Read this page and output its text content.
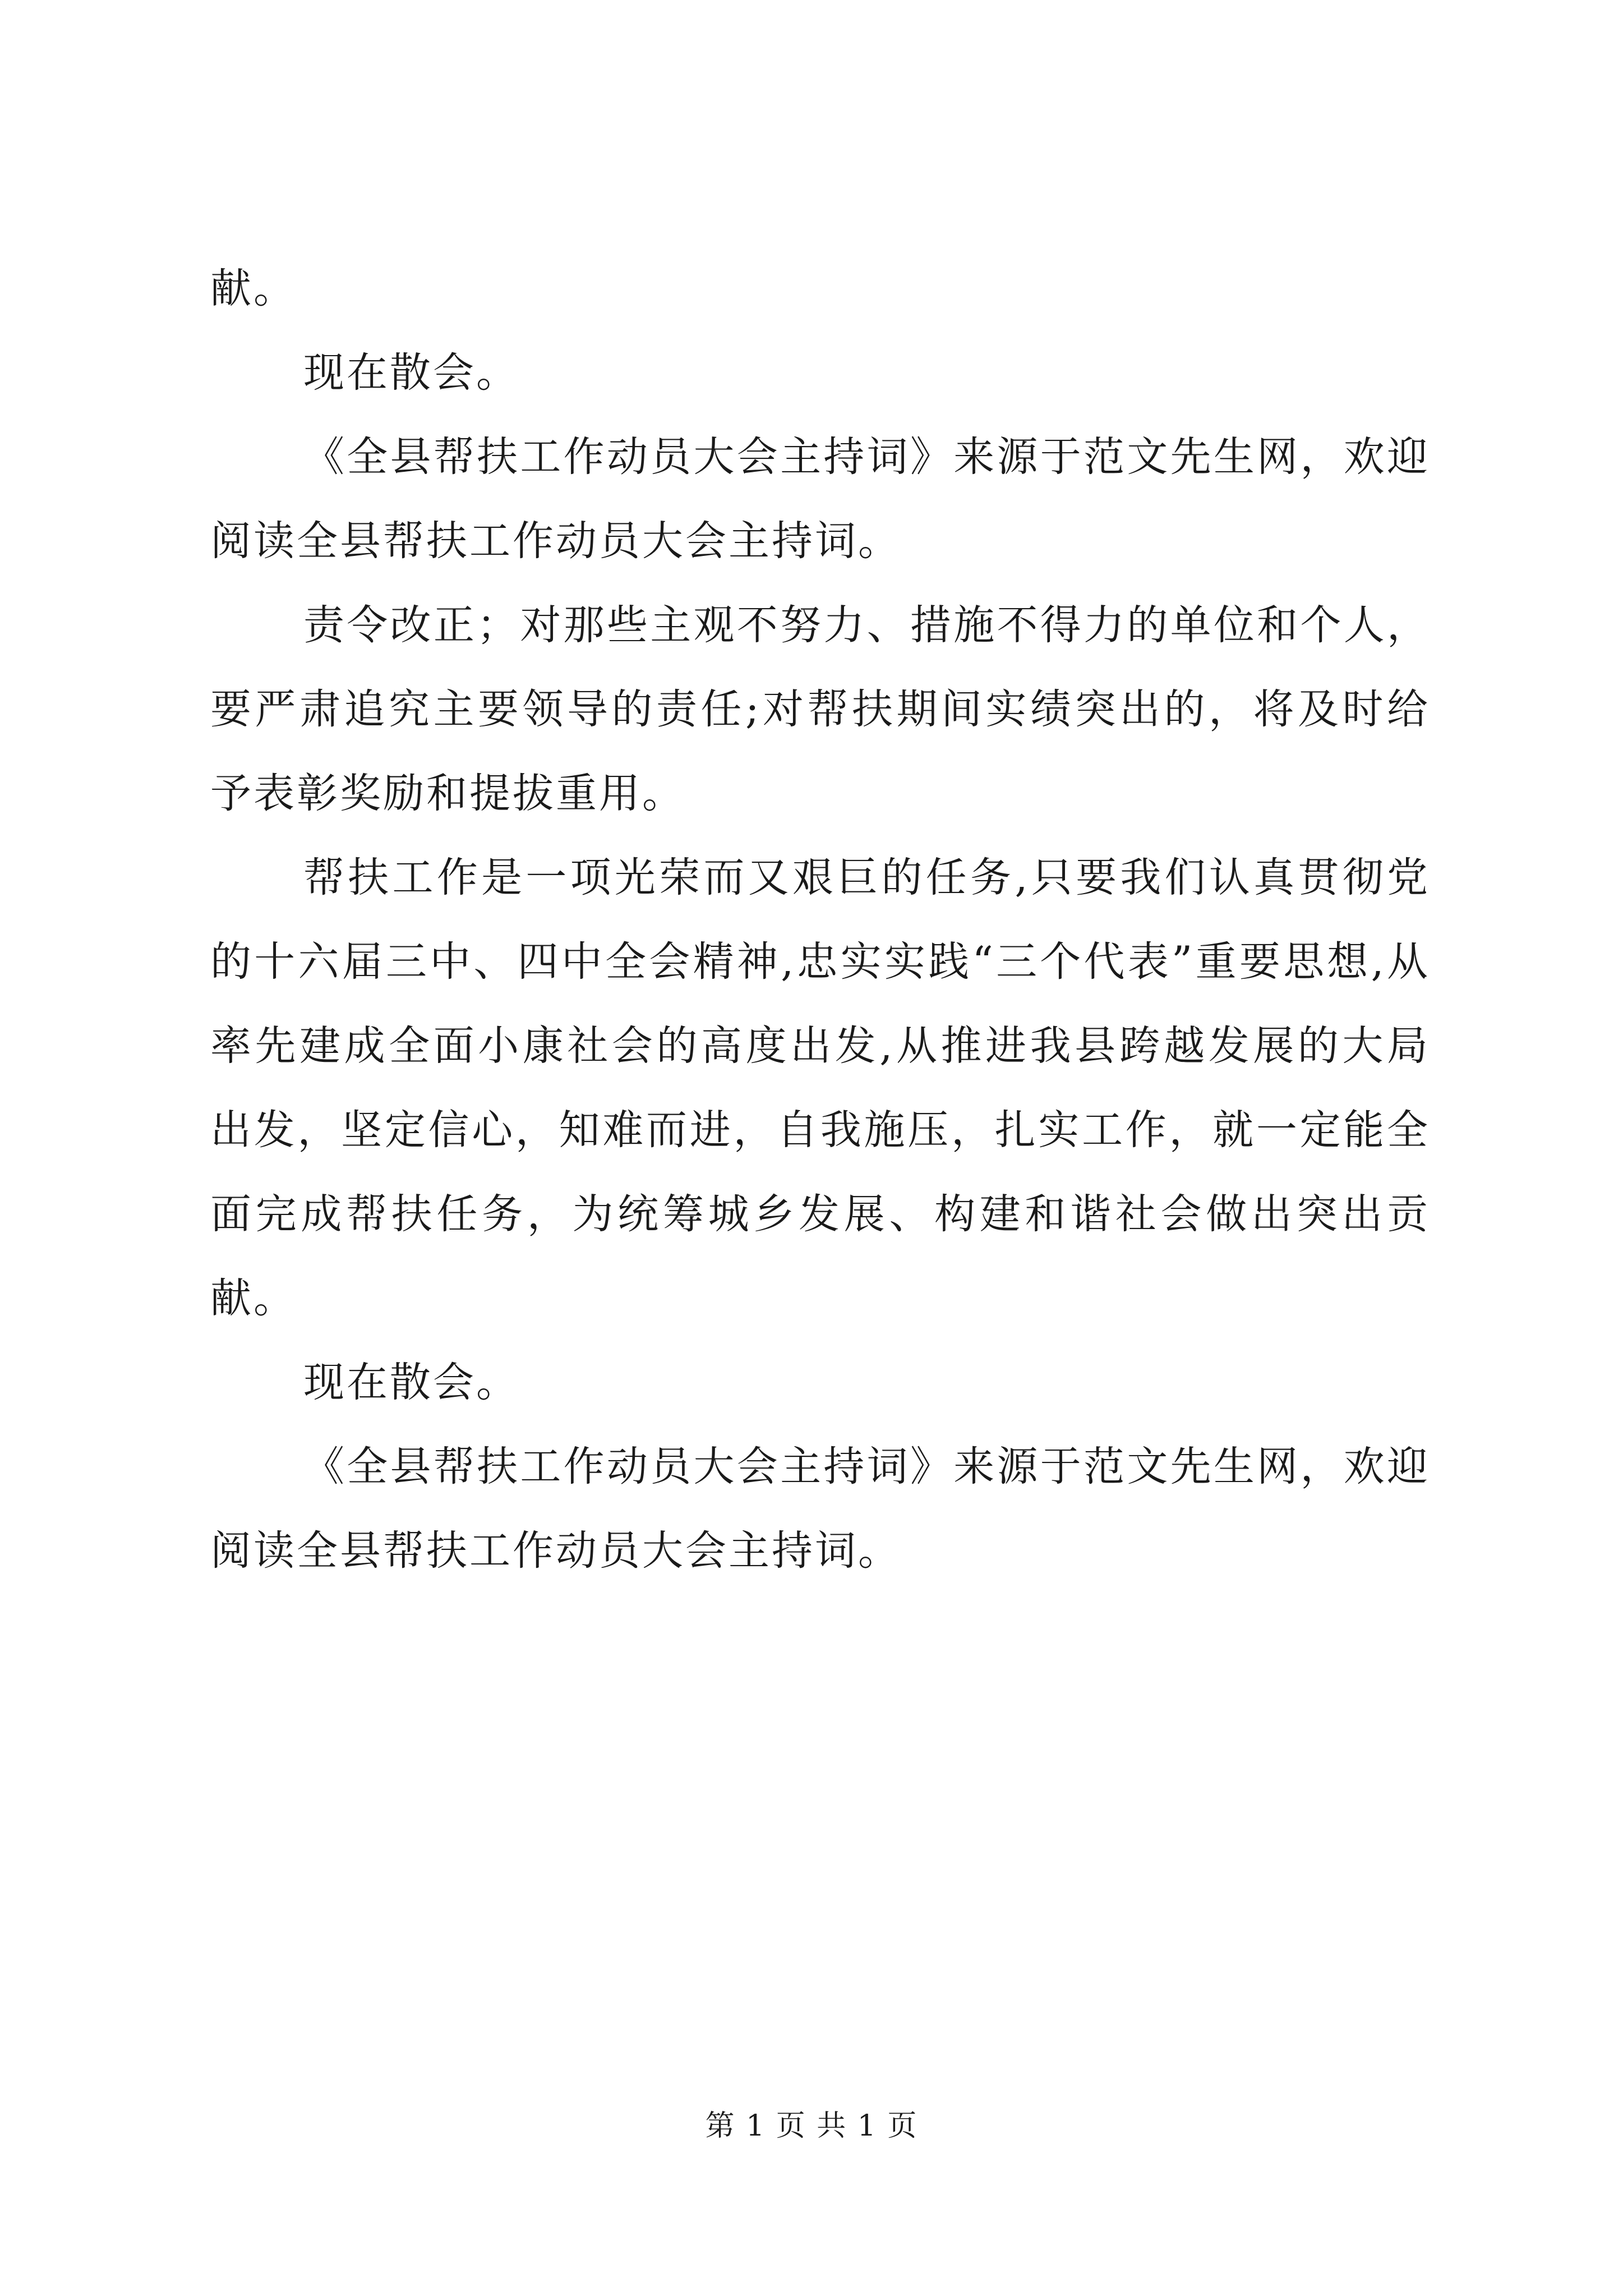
献。

现在散会。

《全县帮扶工作动员大会主持词》来源于范文先生网，欢迎阅读全县帮扶工作动员大会主持词。

责令改正；对那些主观不努力、措施不得力的单位和个人，要严肃追究主要领导的责任;对帮扶期间实绩突出的，将及时给予表彰奖励和提拔重用。

帮扶工作是一项光荣而又艰巨的任务,只要我们认真贯彻党的十六届三中、四中全会精神,忠实实践“三个代表”重要思想,从率先建成全面小康社会的高度出发,从推进我县跨越发展的大局出发，坚定信心，知难而进，自我施压，扎实工作，就一定能全面完成帮扶任务，为统筹城乡发展、构建和谐社会做出突出贡献。

现在散会。

《全县帮扶工作动员大会主持词》来源于范文先生网，欢迎阅读全县帮扶工作动员大会主持词。

第 1 页 共 1 页
